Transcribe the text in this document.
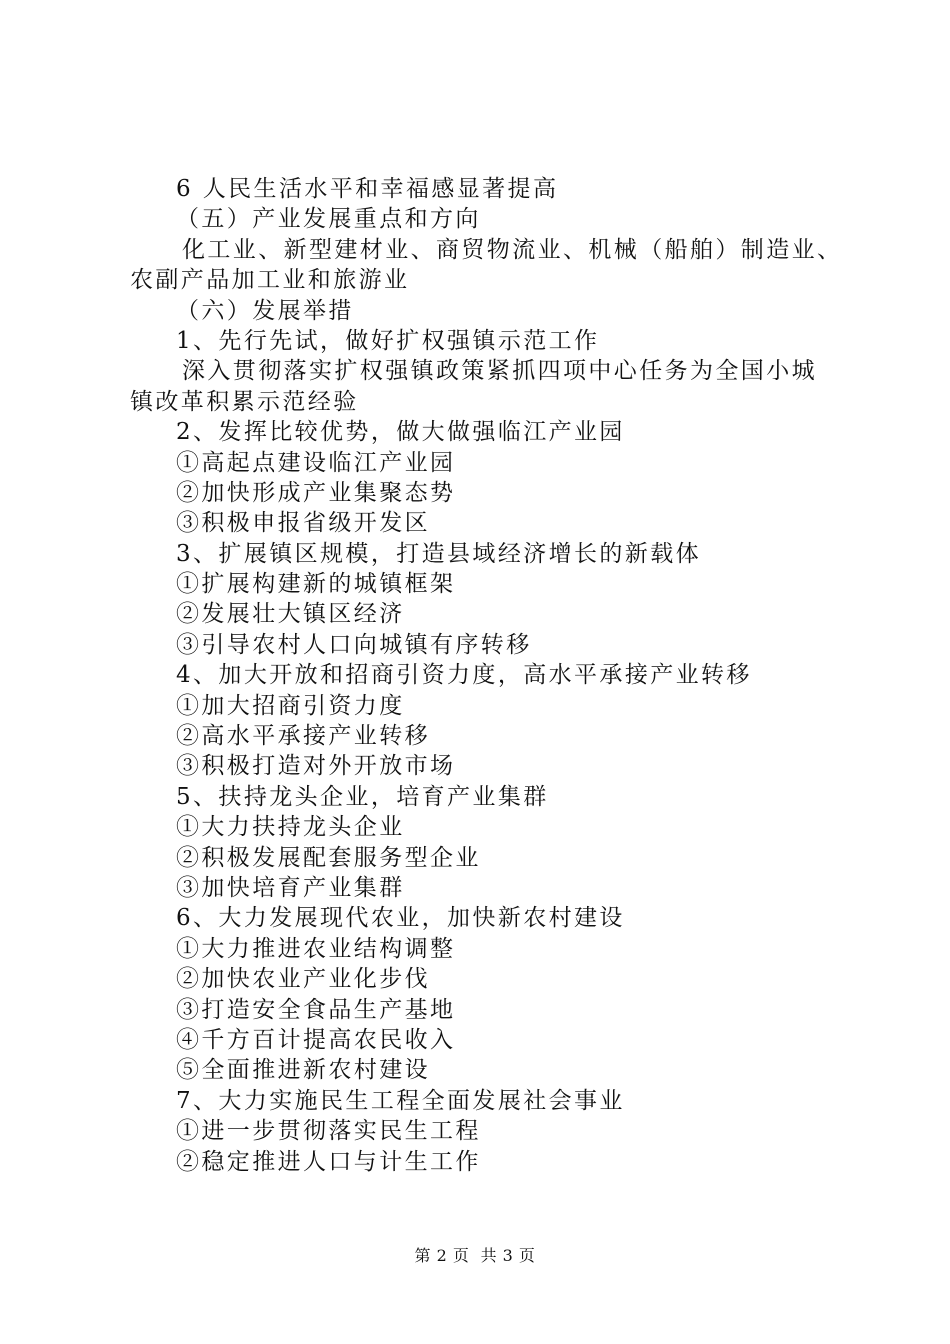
6 人民生活水平和幸福感显著提高
（五）产业发展重点和方向
化工业、新型建材业、商贸物流业、机械（船舶）制造业、
农副产品加工业和旅游业
（六）发展举措
1、先行先试，做好扩权强镇示范工作
深入贯彻落实扩权强镇政策紧抓四项中心任务为全国小城
镇改革积累示范经验
2、发挥比较优势，做大做强临江产业园
①高起点建设临江产业园
②加快形成产业集聚态势
③积极申报省级开发区
3、扩展镇区规模，打造县域经济增长的新载体
①扩展构建新的城镇框架
②发展壮大镇区经济
③引导农村人口向城镇有序转移
4、加大开放和招商引资力度，高水平承接产业转移
①加大招商引资力度
②高水平承接产业转移
③积极打造对外开放市场
5、扶持龙头企业，培育产业集群
①大力扶持龙头企业
②积极发展配套服务型企业
③加快培育产业集群
6、大力发展现代农业，加快新农村建设
①大力推进农业结构调整
②加快农业产业化步伐
③打造安全食品生产基地
④千方百计提高农民收入
⑤全面推进新农村建设
7、大力实施民生工程全面发展社会事业
①进一步贯彻落实民生工程
②稳定推进人口与计生工作
第 2 页  共 3 页
